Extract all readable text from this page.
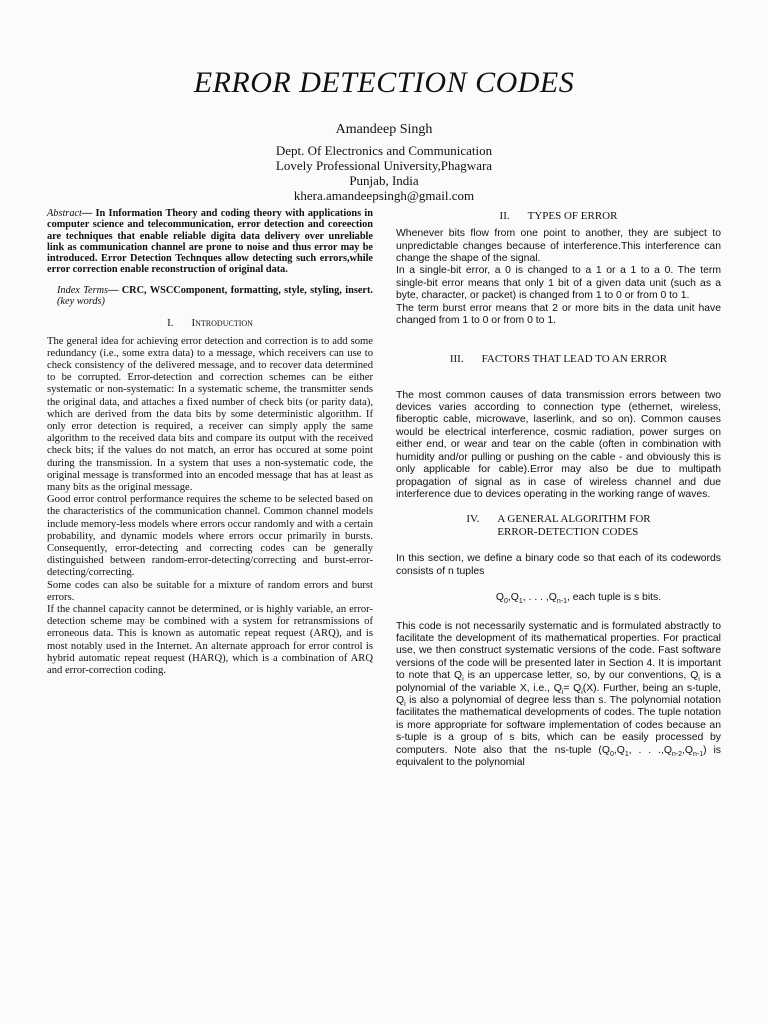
ERROR DETECTION CODES
Amandeep Singh
Dept. Of Electronics and Communication
Lovely Professional University,Phagwara
Punjab, India
khera.amandeepsingh@gmail.com

Abstract— In Information Theory and coding theory with applications in computer science and telecommunication, error detection and coreection are techniques that enable reliable digita data delivery over unreliable link as communication channel are prone to noise and thus error may be introduced. Error Detection Technques allow detecting such errors,while error correction enable reconstruction of original data.

Index Terms— CRC, WSCComponent, formatting, style, styling, insert. (key words)

I. Introduction

The general idea for achieving error detection and correction is to add some redundancy (i.e., some extra data) to a message, which receivers can use to check consistency of the delivered message, and to recover data determined to be corrupted. Error-detection and correction schemes can be either systematic or non-systematic: In a systematic scheme, the transmitter sends the original data, and attaches a fixed number of check bits (or parity data), which are derived from the data bits by some deterministic algorithm. If only error detection is required, a receiver can simply apply the same algorithm to the received data bits and compare its output with the received check bits; if the values do not match, an error has occured at some point during the transmission. In a system that uses a non-systematic code, the original message is transformed into an encoded message that has at least as many bits as the original message.

Good error control performance requires the scheme to be selected based on the characteristics of the communication channel. Common channel models include memory-less models where errors occur randomly and with a certain probability, and dynamic models where errors occur primarily in bursts. Consequently, error-detecting and correcting codes can be generally distinguished between random-error-detecting/correcting and burst-error-detecting/correcting.

Some codes can also be suitable for a mixture of random errors and burst errors.

If the channel capacity cannot be determined, or is highly variable, an error-detection scheme may be combined with a system for retransmissions of erroneous data. This is known as automatic repeat request (ARQ), and is most notably used in the Internet. An alternate approach for error control is hybrid automatic repeat request (HARQ), which is a combination of ARQ and error-correction coding.

II. TYPES OF ERROR

Whenever bits flow from one point to another, they are subject to unpredictable changes because of interference.This interference can change the shape of the signal.

In a single-bit error, a 0 is changed to a 1 or a 1 to a 0. The term single-bit error means that only 1 bit of a given data unit (such as a byte, character, or packet) is changed from 1 to 0 or from 0 to 1.

The term burst error means that 2 or more bits in the data unit have changed from 1 to 0 or from 0 to 1.

III. FACTORS THAT LEAD TO AN ERROR

The most common causes of data transmission errors between two devices varies according to connection type (ethernet, wireless, fiberoptic cable, microwave, laserlink, and so on). Common causes would be electrical interference, cosmic radiation, power surges on either end, or wear and tear on the cable (often in combination with humidity and/or pulling or pushing on the cable - and obviously this is only applicable for cable).Error may also be due to multipath propagation of signal as in case of wireless channel and due interference due to devices operating in the working range of waves.

IV. A GENERAL ALGORITHM FOR
ERROR-DETECTION CODES

In this section, we define a binary code so that each of its codewords consists of n tuples

$Q_0,Q_1$, . . . $,Q_{n-1}$, each tuple is s bits.

This code is not necessarily systematic and is formulated abstractly to facilitate the development of its mathematical properties. For practical use, we then construct systematic versions of the code. Fast software versions of the code will be presented later in Section 4. It is important to note that $Q_i$ is an uppercase letter, so, by our conventions, $Q_i$ is a polynomial of the variable X, i.e., $Q_i= Q_i(X)$. Further, being an s-tuple, $Q_i$ is also a polynomial of degree less than s. The polynomial notation facilitates the mathematical developments of codes. The tuple notation is more appropriate for software implementation of codes because an s-tuple is a group of s bits, which can be easily processed by computers. Note also that the ns-tuple ($Q_0,Q_1$, . . $.,Q_{n-2},Q_{n-1}$) is equivalent to the polynomial
